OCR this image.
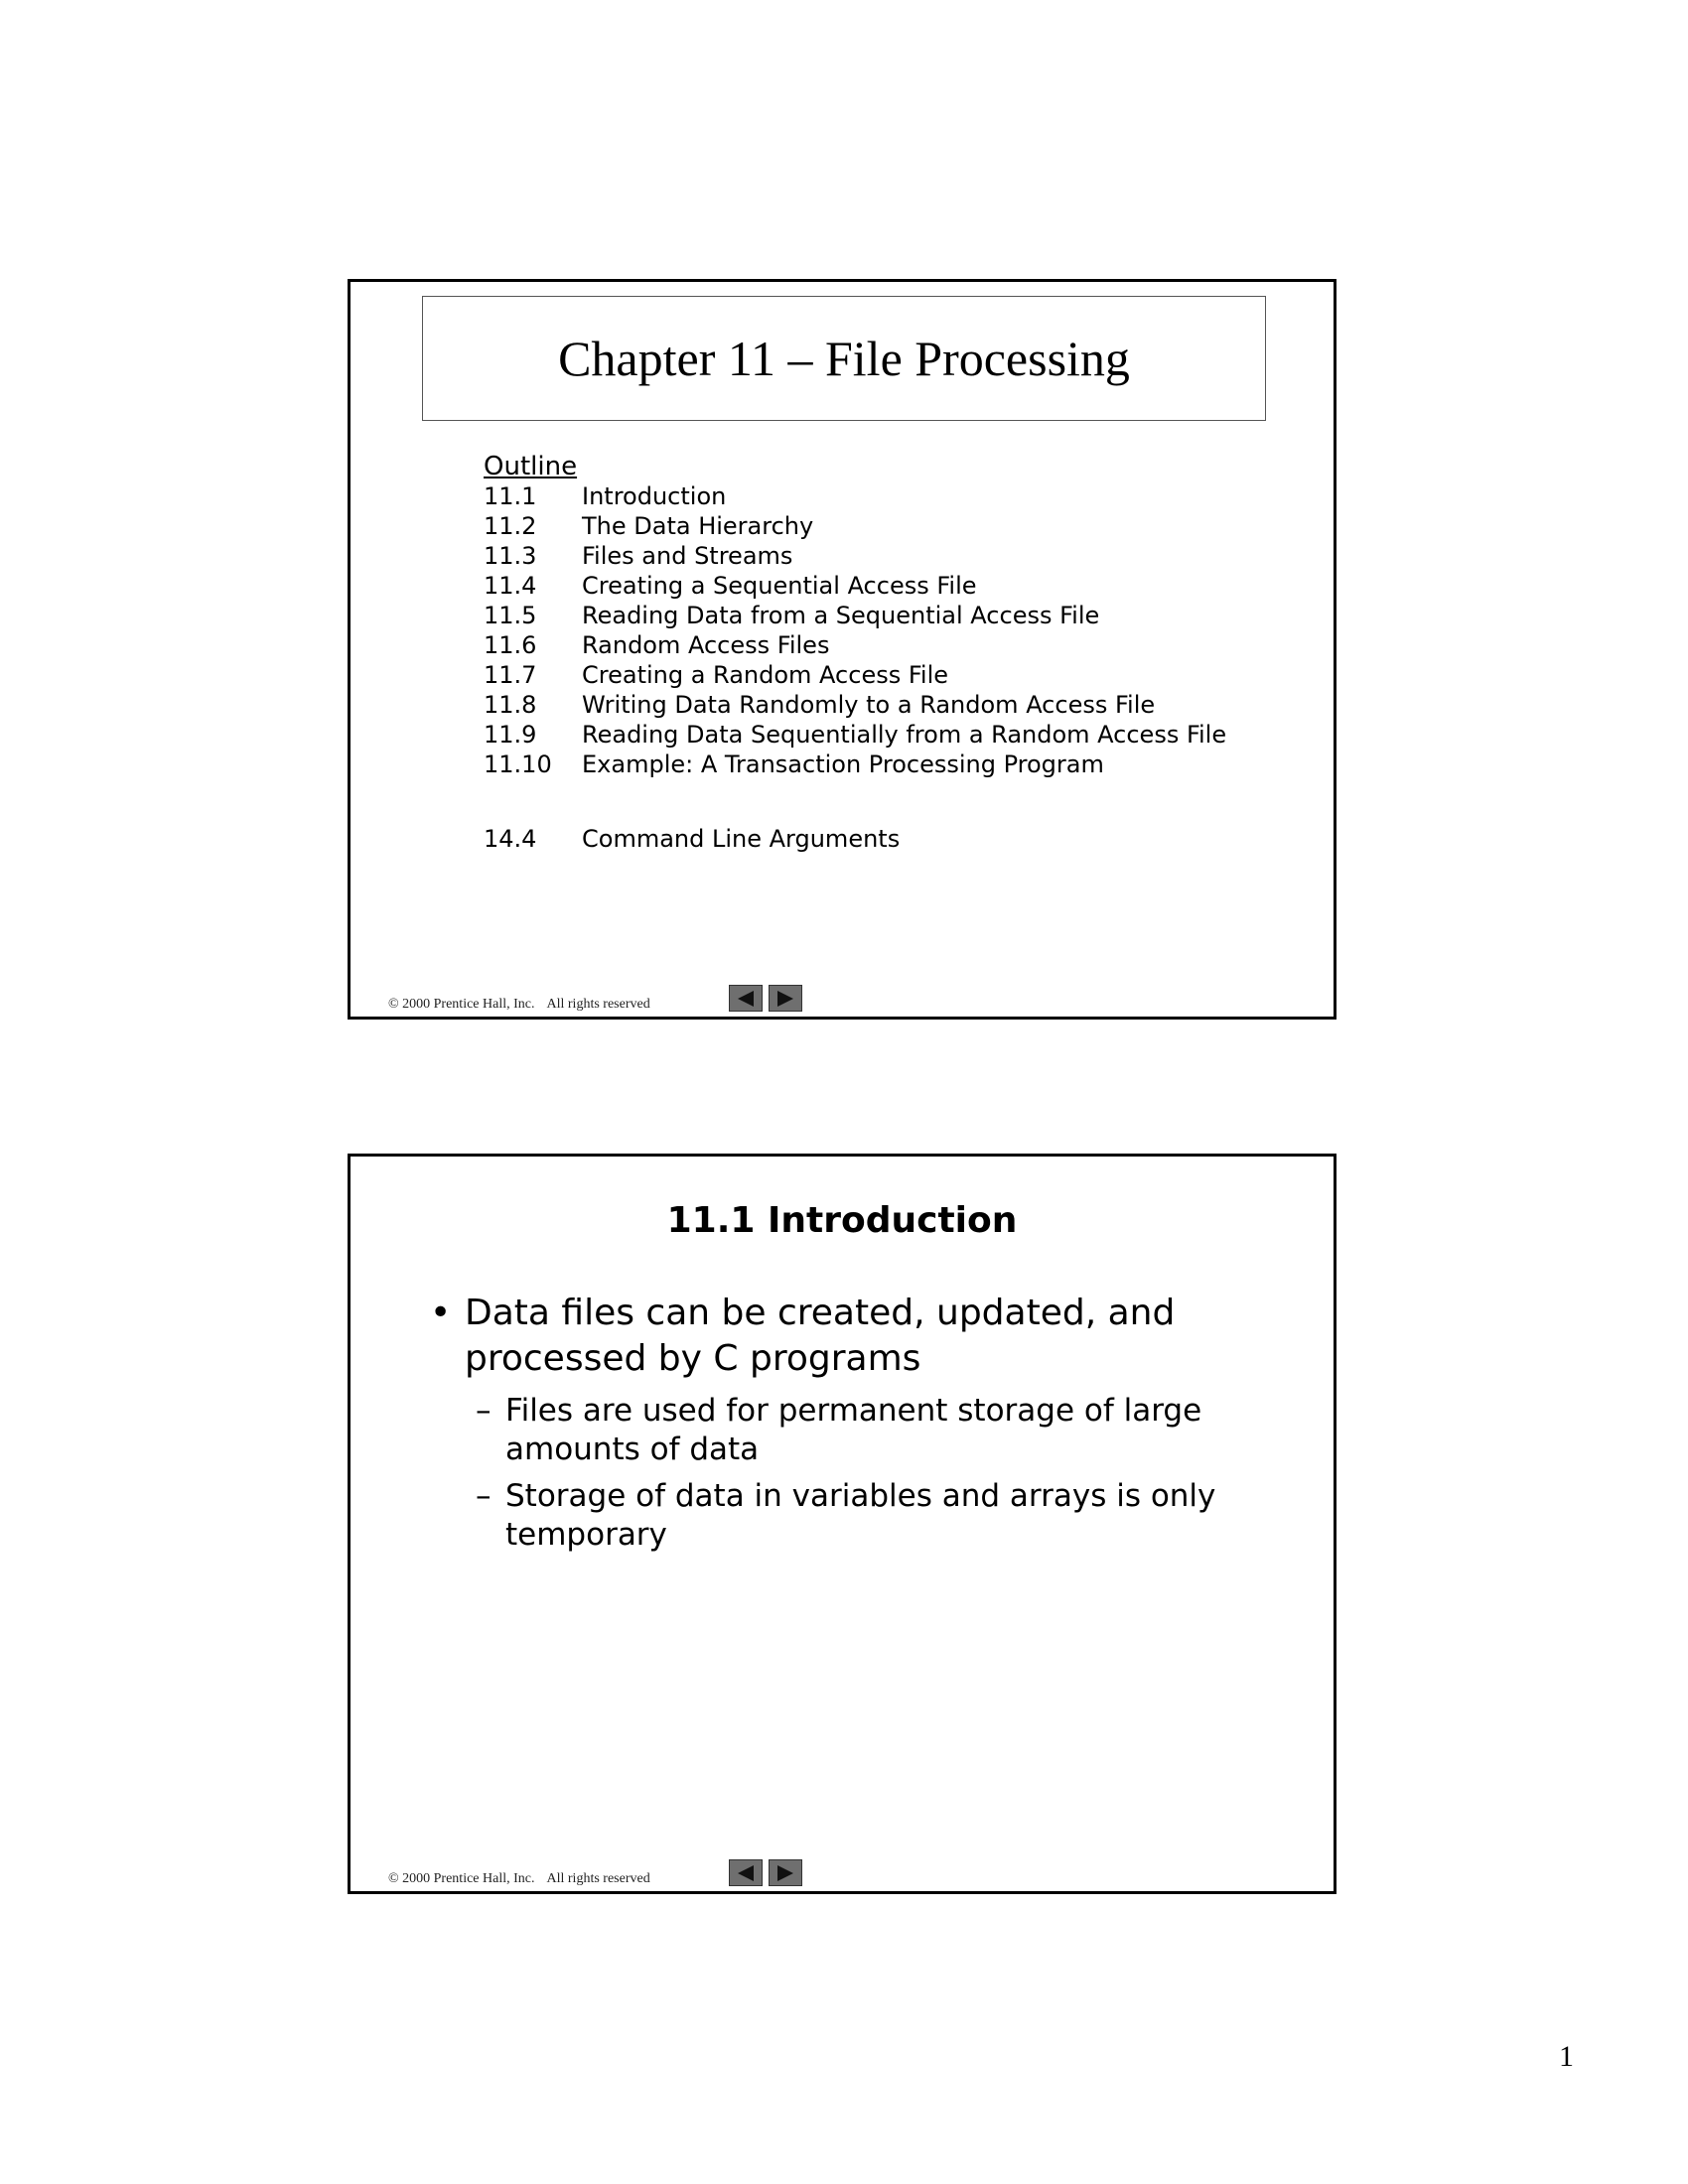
Chapter 11 – File Processing
Outline
11.1	Introduction
11.2	The Data Hierarchy
11.3	Files and Streams
11.4	Creating a Sequential Access File
11.5	Reading Data from a Sequential Access File
11.6	Random Access Files
11.7	Creating a Random Access File
11.8	Writing Data Randomly to a Random Access File
11.9	Reading Data Sequentially from a Random Access File
11.10	Example: A Transaction Processing Program
14.4	Command Line Arguments
© 2000 Prentice Hall, Inc. All rights reserved
11.1 Introduction
• Data files can be created, updated, and processed by C programs
– Files are used for permanent storage of large amounts of data
– Storage of data in variables and arrays is only temporary
© 2000 Prentice Hall, Inc. All rights reserved
1
